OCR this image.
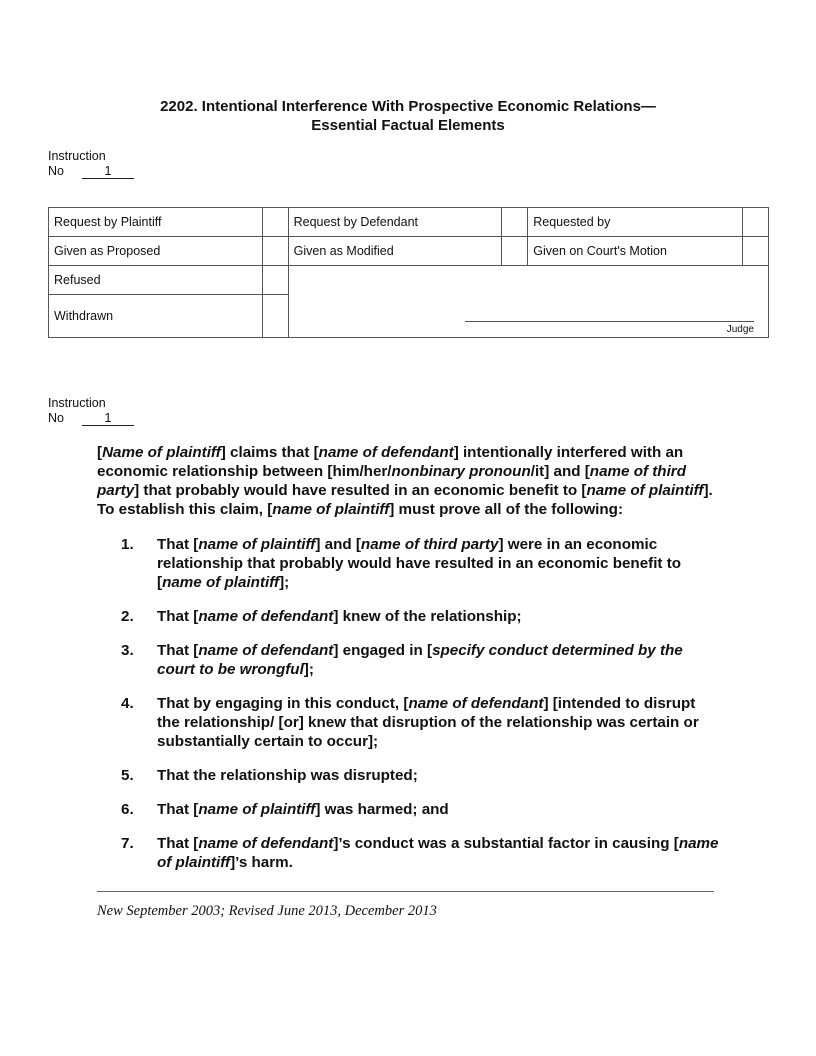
2202. Intentional Interference With Prospective Economic Relations—
Essential Factual Elements
Instruction
No	1
Request by Plaintiff		Request by Defendant		Requested by	
Given as Proposed		Given as Modified		Given on Court's Motion	
Refused		Judge			

Withdrawn					
Instruction
No	1

[Name of plaintiff] claims that [name of defendant] intentionally interfered with an economic relationship between [him/her/nonbinary pronoun/it] and [name of third party] that probably would have resulted in an economic benefit to [name of plaintiff]. To establish this claim, [name of plaintiff] must prove all of the following:

1. That [name of plaintiff] and [name of third party] were in an economic relationship that probably would have resulted in an economic benefit to [name of plaintiff];
2. That [name of defendant] knew of the relationship;
3. That [name of defendant] engaged in [specify conduct determined by the court to be wrongful];
4. That by engaging in this conduct, [name of defendant] [intended to disrupt the relationship/ [or] knew that disruption of the relationship was certain or substantially certain to occur];
5. That the relationship was disrupted;
6. That [name of plaintiff] was harmed; and
7. That [name of defendant]’s conduct was a substantial factor in causing [name of plaintiff]’s harm.
New September 2003; Revised June 2013, December 2013
